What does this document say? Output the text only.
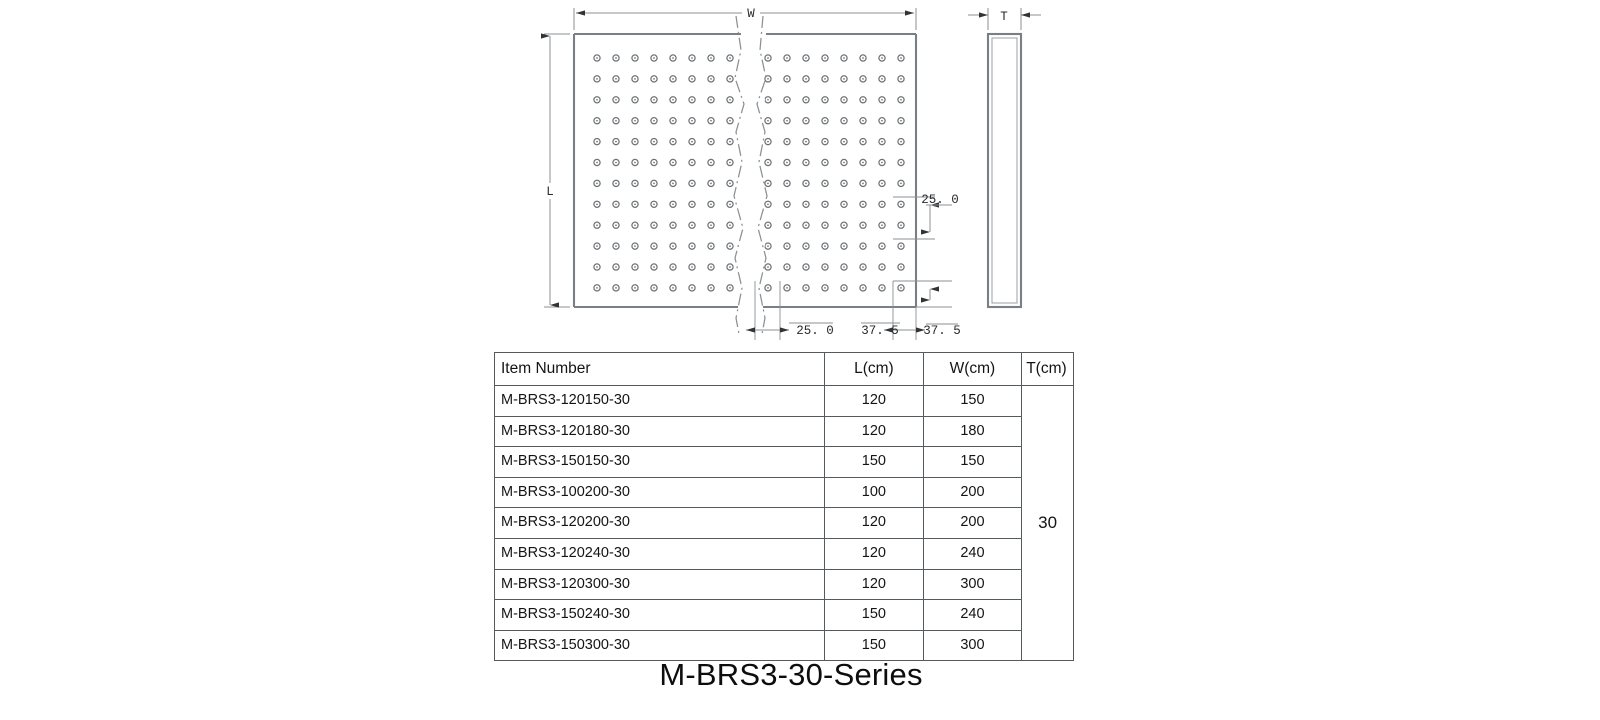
W
L
25. 0
37. 5
25. 0 37. 5
T
Item Number	L(cm)	W(cm)	T(cm)
M-BRS3-120150-30	120	150	30
M-BRS3-120180-30	120	180	
M-BRS3-150150-30	150	150	
M-BRS3-100200-30	100	200	
M-BRS3-120200-30	120	200	
M-BRS3-120240-30	120	240	
M-BRS3-120300-30	120	300	
M-BRS3-150240-30	150	240	
M-BRS3-150300-30	150	300	
M-BRS3-30-Series
